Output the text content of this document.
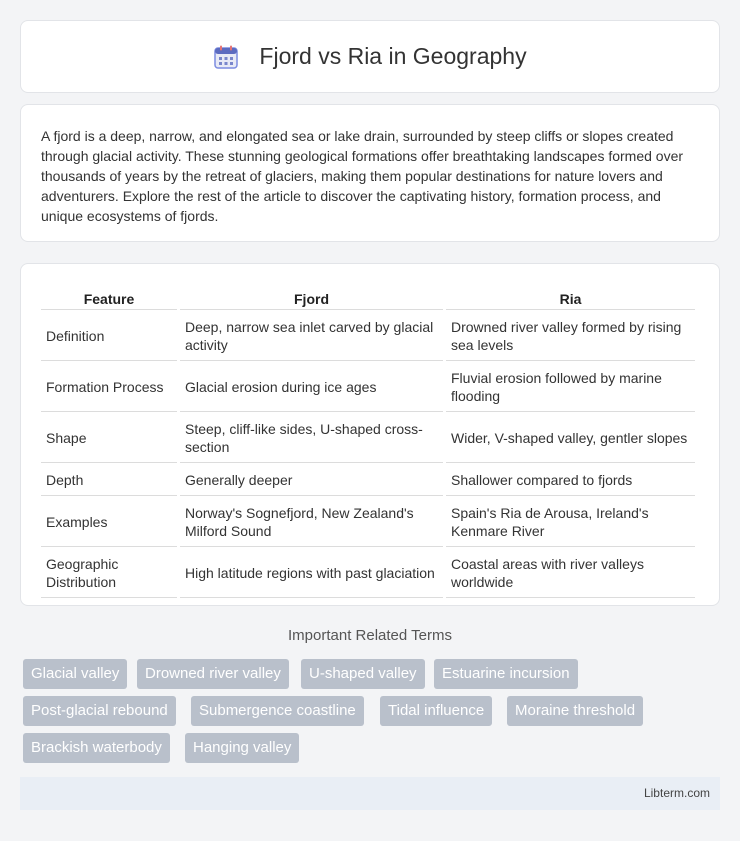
Fjord vs Ria in Geography

A fjord is a deep, narrow, and elongated sea or lake drain, surrounded by steep cliffs or slopes created through glacial activity. These stunning geological formations offer breathtaking landscapes formed over thousands of years by the retreat of glaciers, making them popular destinations for nature lovers and adventurers. Explore the rest of the article to discover the captivating history, formation process, and unique ecosystems of fjords.

Feature	Fjord	Ria
Definition	Deep, narrow sea inlet carved by glacial activity	Drowned river valley formed by rising sea levels
Formation Process	Glacial erosion during ice ages	Fluvial erosion followed by marine flooding
Shape	Steep, cliff-like sides, U-shaped cross-section	Wider, V-shaped valley, gentler slopes
Depth	Generally deeper	Shallower compared to fjords
Examples	Norway's Sognefjord, New Zealand's Milford Sound	Spain's Ria de Arousa, Ireland's Kenmare River
Geographic Distribution	High latitude regions with past glaciation	Coastal areas with river valleys worldwide
Important Related Terms
Glacial valley	Drowned river valley	U-shaped valley	Estuarine incursion
Post-glacial rebound	Submergence coastline	Tidal influence	Moraine threshold
Brackish waterbody	Hanging valley
Libterm.com
